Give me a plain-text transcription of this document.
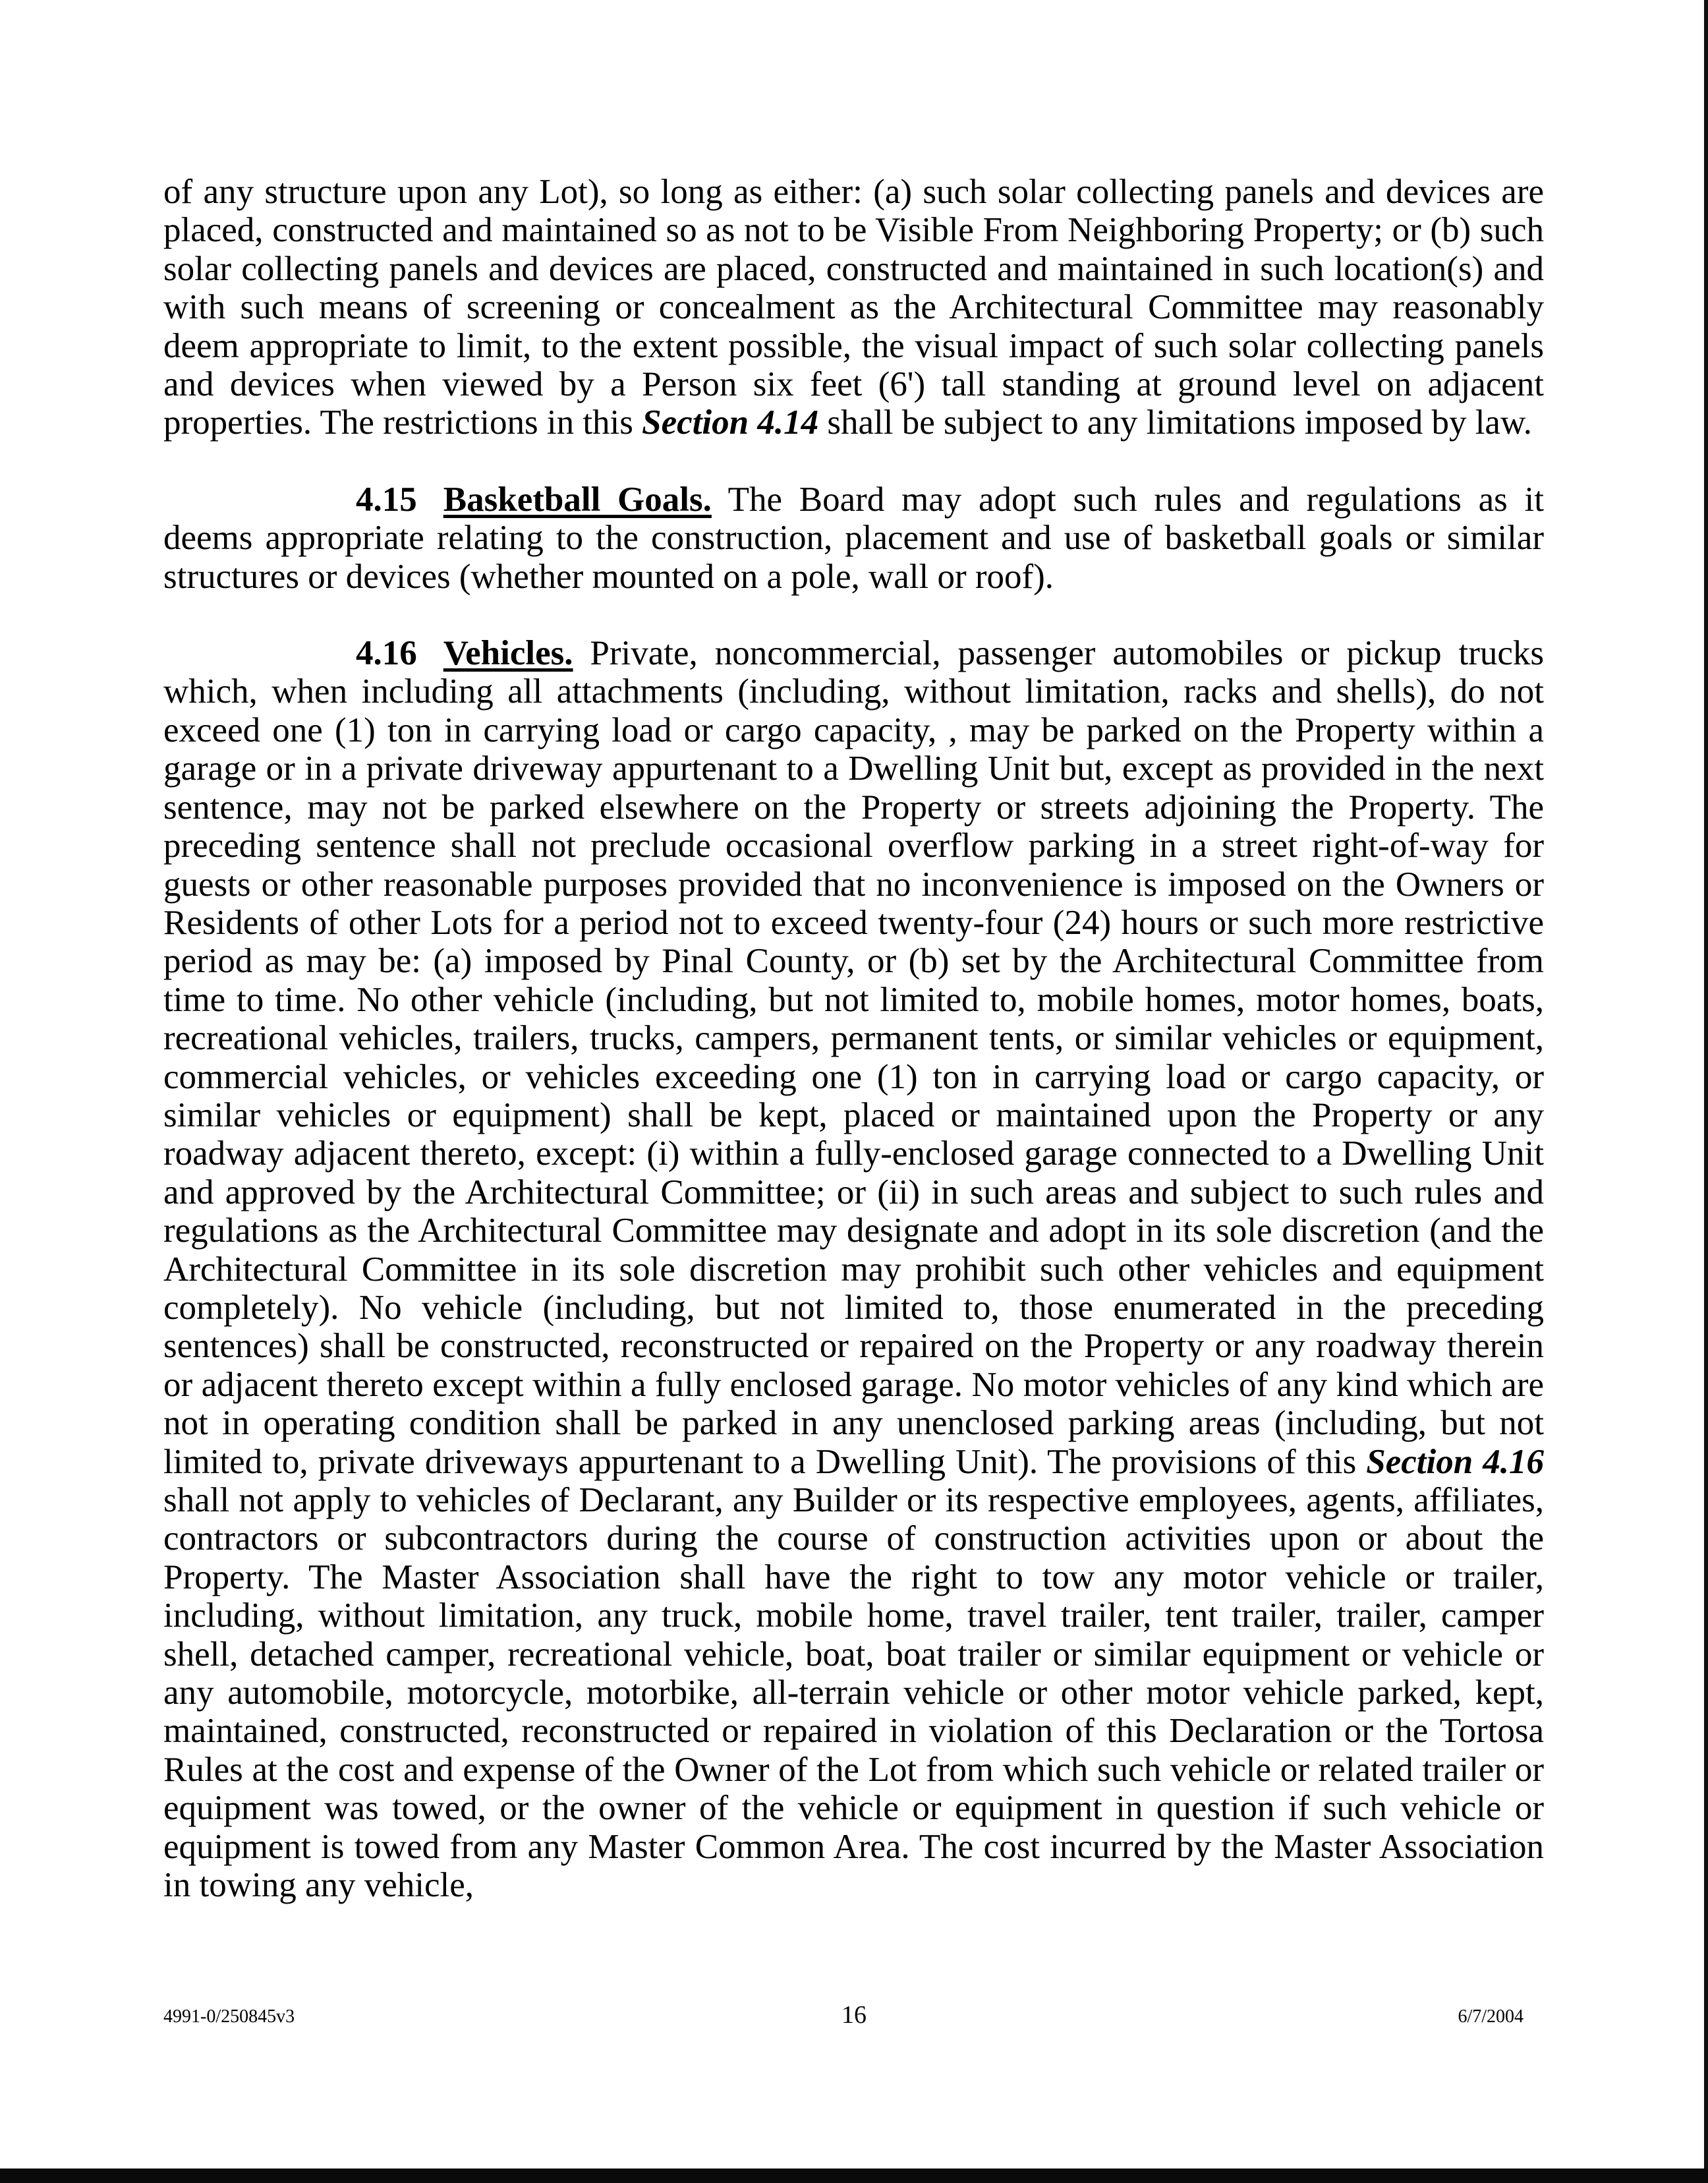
of any structure upon any Lot), so long as either: (a) such solar collecting panels and devices are placed, constructed and maintained so as not to be Visible From Neighboring Property; or (b) such solar collecting panels and devices are placed, constructed and maintained in such location(s) and with such means of screening or concealment as the Architectural Committee may reasonably deem appropriate to limit, to the extent possible, the visual impact of such solar collecting panels and devices when viewed by a Person six feet (6') tall standing at ground level on adjacent properties. The restrictions in this Section 4.14 shall be subject to any limitations imposed by law.

4.15 Basketball Goals. The Board may adopt such rules and regulations as it deems appropriate relating to the construction, placement and use of basketball goals or similar structures or devices (whether mounted on a pole, wall or roof).

4.16 Vehicles. Private, noncommercial, passenger automobiles or pickup trucks which, when including all attachments (including, without limitation, racks and shells), do not exceed one (1) ton in carrying load or cargo capacity, , may be parked on the Property within a garage or in a private driveway appurtenant to a Dwelling Unit but, except as provided in the next sentence, may not be parked elsewhere on the Property or streets adjoining the Property. The preceding sentence shall not preclude occasional overflow parking in a street right-of-way for guests or other reasonable purposes provided that no inconvenience is imposed on the Owners or Residents of other Lots for a period not to exceed twenty-four (24) hours or such more restrictive period as may be: (a) imposed by Pinal County, or (b) set by the Architectural Committee from time to time. No other vehicle (including, but not limited to, mobile homes, motor homes, boats, recreational vehicles, trailers, trucks, campers, permanent tents, or similar vehicles or equipment, commercial vehicles, or vehicles exceeding one (1) ton in carrying load or cargo capacity, or similar vehicles or equipment) shall be kept, placed or maintained upon the Property or any roadway adjacent thereto, except: (i) within a fully-enclosed garage connected to a Dwelling Unit and approved by the Architectural Committee; or (ii) in such areas and subject to such rules and regulations as the Architectural Committee may designate and adopt in its sole discretion (and the Architectural Committee in its sole discretion may prohibit such other vehicles and equipment completely). No vehicle (including, but not limited to, those enumerated in the preceding sentences) shall be constructed, reconstructed or repaired on the Property or any roadway therein or adjacent thereto except within a fully enclosed garage. No motor vehicles of any kind which are not in operating condition shall be parked in any unenclosed parking areas (including, but not limited to, private driveways appurtenant to a Dwelling Unit). The provisions of this Section 4.16 shall not apply to vehicles of Declarant, any Builder or its respective employees, agents, affiliates, contractors or subcontractors during the course of construction activities upon or about the Property. The Master Association shall have the right to tow any motor vehicle or trailer, including, without limitation, any truck, mobile home, travel trailer, tent trailer, trailer, camper shell, detached camper, recreational vehicle, boat, boat trailer or similar equipment or vehicle or any automobile, motorcycle, motorbike, all-terrain vehicle or other motor vehicle parked, kept, maintained, constructed, reconstructed or repaired in violation of this Declaration or the Tortosa Rules at the cost and expense of the Owner of the Lot from which such vehicle or related trailer or equipment was towed, or the owner of the vehicle or equipment in question if such vehicle or equipment is towed from any Master Common Area. The cost incurred by the Master Association in towing any vehicle,

4991-0/250845v3	16	6/7/2004
